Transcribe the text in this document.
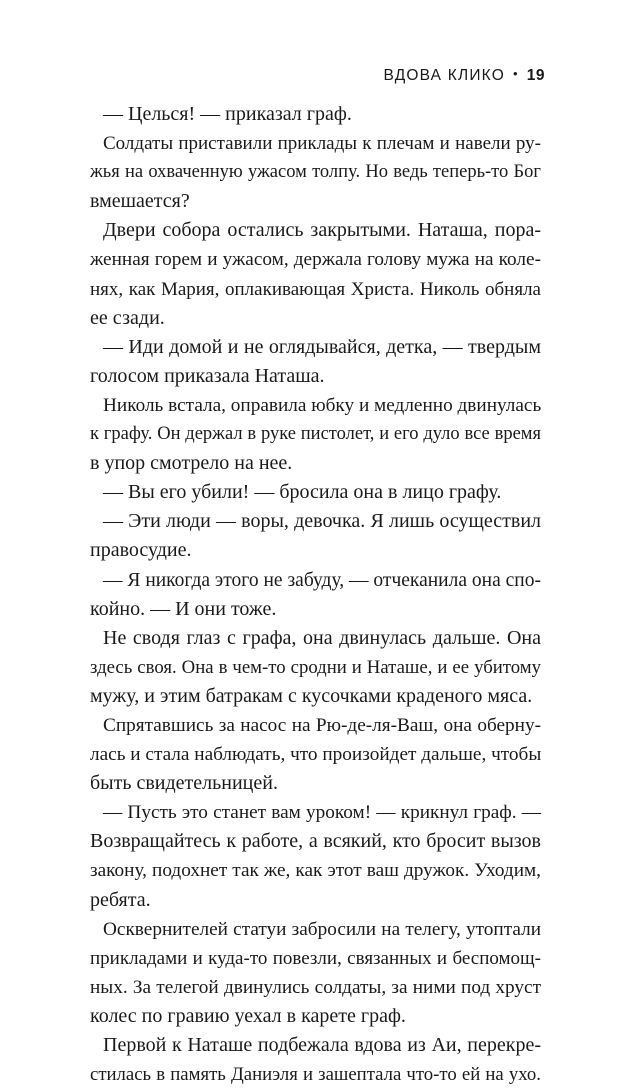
ВДОВА КЛИКО • 19
— Целься! — приказал граф.
Солдаты приставили приклады к плечам и навели ру-
жья на охваченную ужасом толпу. Но ведь теперь-то Бог
вмешается?
Двери собора остались закрытыми. Наташа, пора-
женная горем и ужасом, держала голову мужа на коле-
нях, как Мария, оплакивающая Христа. Николь обняла
ее сзади.
— Иди домой и не оглядывайся, детка, — твердым
голосом приказала Наташа.
Николь встала, оправила юбку и медленно двинулась
к графу. Он держал в руке пистолет, и его дуло все время
в упор смотрело на нее.
— Вы его убили! — бросила она в лицо графу.
— Эти люди — воры, девочка. Я лишь осуществил
правосудие.
— Я никогда этого не забуду, — отчеканила она спо-
койно. — И они тоже.
Не сводя глаз с графа, она двинулась дальше. Она
здесь своя. Она в чем-то сродни и Наташе, и ее убитому
мужу, и этим батракам с кусочками краденого мяса.
Спрятавшись за насос на Рю-де-ля-Ваш, она оберну-
лась и стала наблюдать, что произойдет дальше, чтобы
быть свидетельницей.
— Пусть это станет вам уроком! — крикнул граф. —
Возвращайтесь к работе, а всякий, кто бросит вызов
закону, подохнет так же, как этот ваш дружок. Уходим,
ребята.
Осквернителей статуи забросили на телегу, утоптали
прикладами и куда-то повезли, связанных и беспомощ-
ных. За телегой двинулись солдаты, за ними под хруст
колес по гравию уехал в карете граф.
Первой к Наташе подбежала вдова из Аи, перекре-
стилась в память Даниэля и зашептала что-то ей на ухо.
